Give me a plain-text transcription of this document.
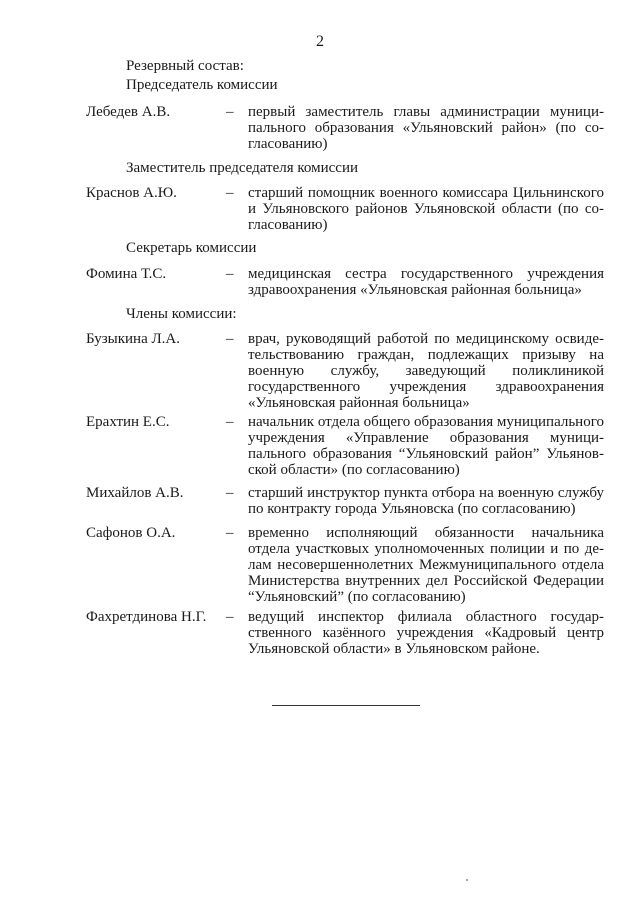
2
Резервный состав:
Председатель комиссии
Лебедев А.В.	– первый заместитель главы администрации муниципального образования «Ульяновский район» (по согласованию)
Заместитель председателя комиссии
Краснов А.Ю.	– старший помощник военного комиссара Цильнинского и Ульяновского районов Ульяновской области (по согласованию)
Секретарь комиссии
Фомина Т.С.	– медицинская сестра государственного учреждения здравоохранения «Ульяновская районная больница»
Члены комиссии:
Бузыкина Л.А.	– врач, руководящий работой по медицинскому освидетельствованию граждан, подлежащих призыву на военную службу, заведующий поликлиникой государственного учреждения здравоохранения «Ульяновская районная больница»
Ерахтин Е.С.	– начальник отдела общего образования муниципального учреждения «Управление образования муниципального образования “Ульяновский район” Ульяновской области» (по согласованию)
Михайлов А.В.	– старший инструктор пункта отбора на военную службу по контракту города Ульяновска (по согласованию)
Сафонов О.А.	– временно исполняющий обязанности начальника отдела участковых уполномоченных полиции и по делам несовершеннолетних Межмуниципального отдела Министерства внутренних дел Российской Федерации “Ульяновский” (по согласованию)
Фахретдинова Н.Г. – ведущий инспектор филиала областного государственного казённого учреждения «Кадровый центр Ульяновской области» в Ульяновском районе.
